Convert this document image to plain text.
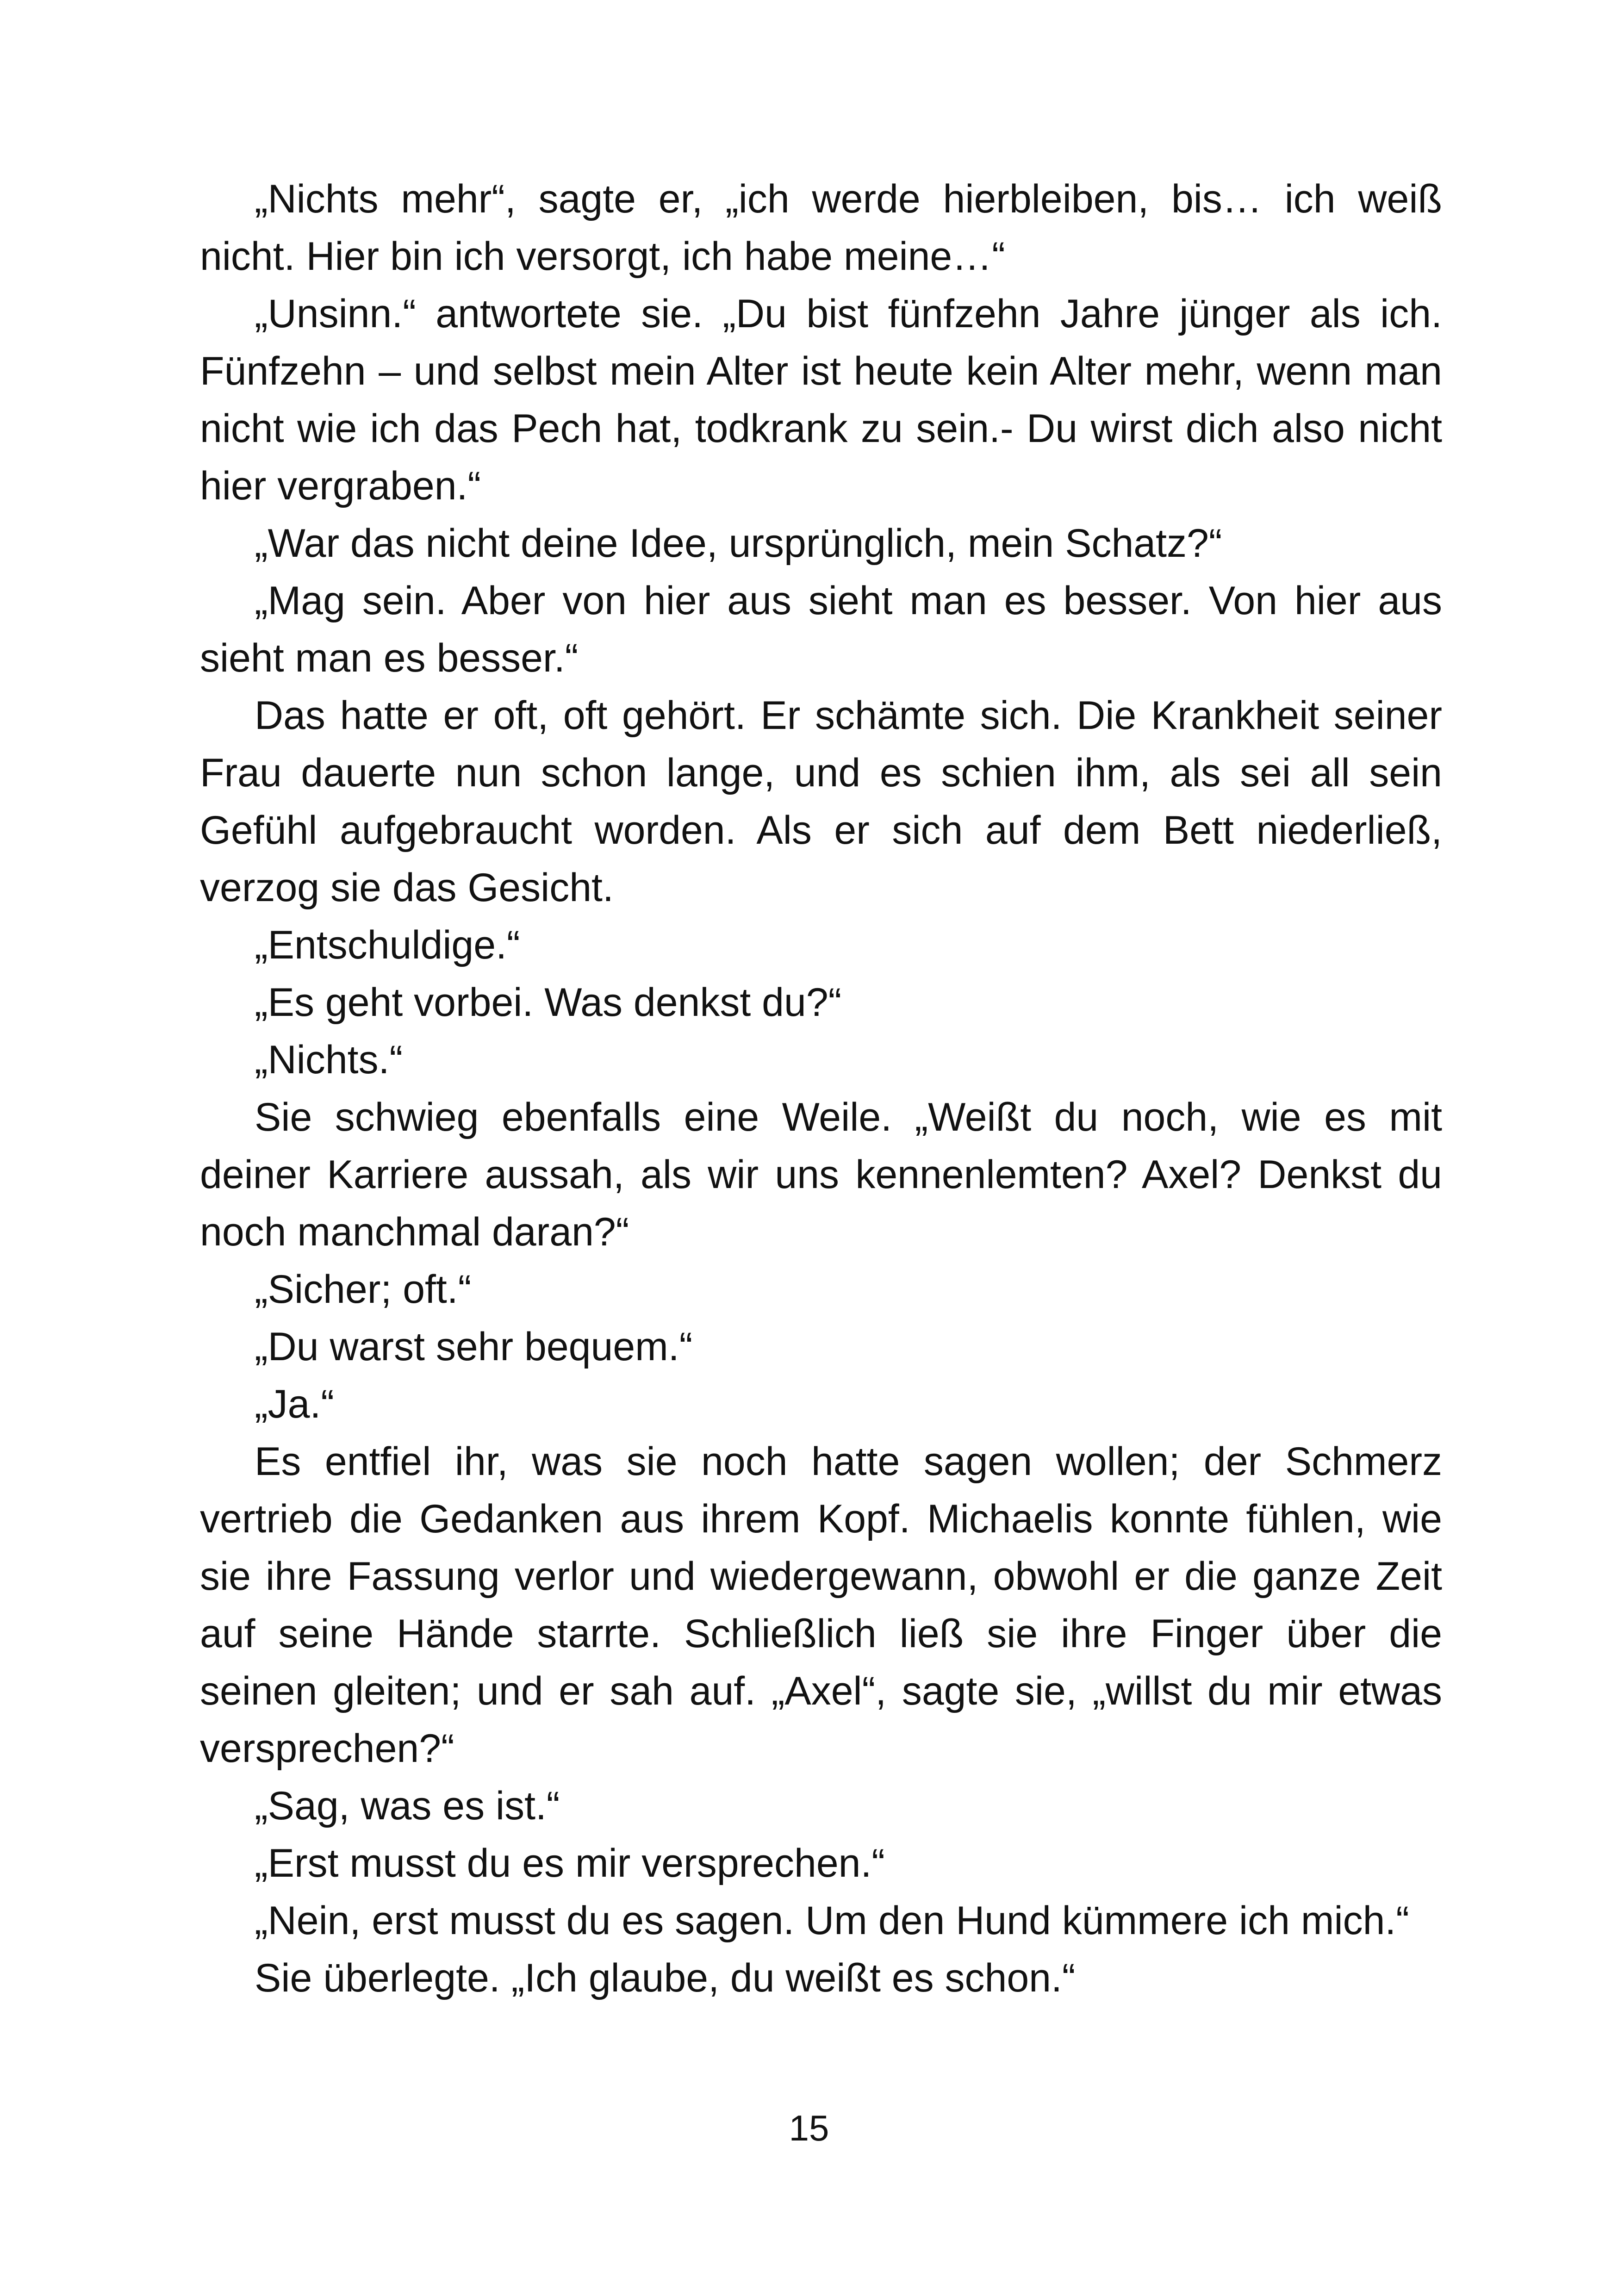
„Nichts mehr“, sagte er, „ich werde hierbleiben, bis… ich weiß nicht. Hier bin ich versorgt, ich habe meine…“

„Unsinn.“ antwortete sie. „Du bist fünfzehn Jahre jünger als ich. Fünfzehn – und selbst mein Alter ist heute kein Alter mehr, wenn man nicht wie ich das Pech hat, todkrank zu sein.- Du wirst dich also nicht hier vergraben.“

„War das nicht deine Idee, ursprünglich, mein Schatz?“

„Mag sein. Aber von hier aus sieht man es besser. Von hier aus sieht man es besser.“

Das hatte er oft, oft gehört. Er schämte sich. Die Krankheit seiner Frau dauerte nun schon lange, und es schien ihm, als sei all sein Gefühl aufgebraucht worden. Als er sich auf dem Bett niederließ, verzog sie das Gesicht.

„Entschuldige.“

„Es geht vorbei. Was denkst du?“

„Nichts.“

Sie schwieg ebenfalls eine Weile. „Weißt du noch, wie es mit deiner Karriere aussah, als wir uns kennenlemten? Axel? Denkst du noch manchmal daran?“

„Sicher; oft.“

„Du warst sehr bequem.“

„Ja.“

Es entfiel ihr, was sie noch hatte sagen wollen; der Schmerz vertrieb die Gedanken aus ihrem Kopf. Michaelis konnte fühlen, wie sie ihre Fassung verlor und wiedergewann, obwohl er die ganze Zeit auf seine Hände starrte. Schließlich ließ sie ihre Finger über die seinen gleiten; und er sah auf. „Axel“, sagte sie, „willst du mir etwas versprechen?“

„Sag, was es ist.“

„Erst musst du es mir versprechen.“

„Nein, erst musst du es sagen. Um den Hund kümmere ich mich.“

Sie überlegte. „Ich glaube, du weißt es schon.“

15
